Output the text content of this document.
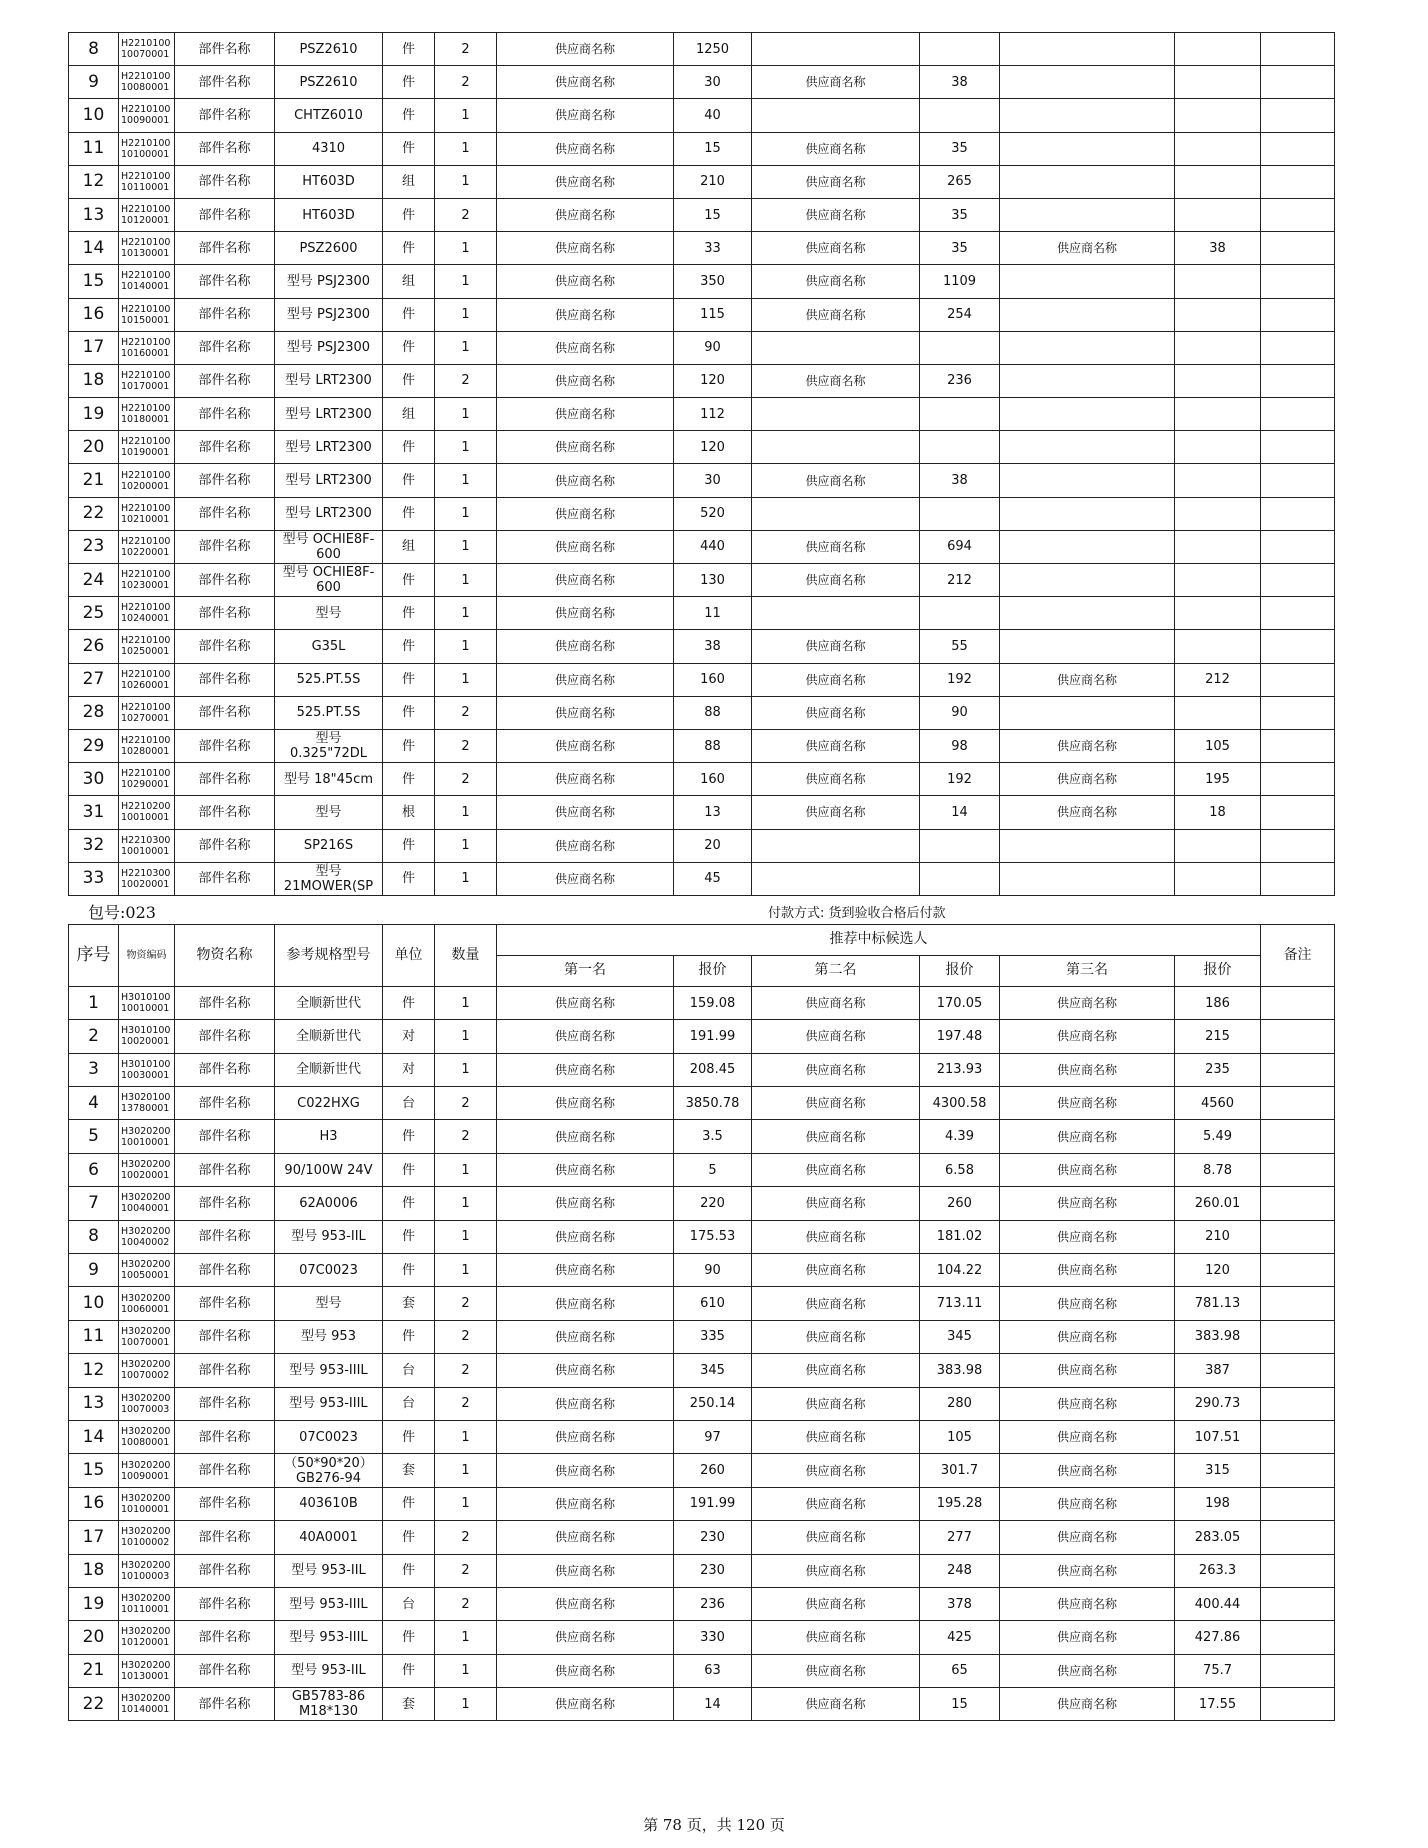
8	H2210100 10070001	部件名称	PSZ2610	件	2	供应商名称	1250					
9	H2210100 10080001	部件名称	PSZ2610	件	2	供应商名称	30	供应商名称	38			
10	H2210100 10090001	部件名称	CHTZ6010	件	1	供应商名称	40					
11	H2210100 10100001	部件名称	4310	件	1	供应商名称	15	供应商名称	35			
12	H2210100 10110001	部件名称	HT603D	组	1	供应商名称	210	供应商名称	265			
13	H2210100 10120001	部件名称	HT603D	件	2	供应商名称	15	供应商名称	35			
14	H2210100 10130001	部件名称	PSZ2600	件	1	供应商名称	33	供应商名称	35	供应商名称	38	
15	H2210100 10140001	部件名称	型号 PSJ2300	组	1	供应商名称	350	供应商名称	1109			
16	H2210100 10150001	部件名称	型号 PSJ2300	件	1	供应商名称	115	供应商名称	254			
17	H2210100 10160001	部件名称	型号 PSJ2300	件	1	供应商名称	90					
18	H2210100 10170001	部件名称	型号 LRT2300	件	2	供应商名称	120	供应商名称	236			
19	H2210100 10180001	部件名称	型号 LRT2300	组	1	供应商名称	112					
20	H2210100 10190001	部件名称	型号 LRT2300	件	1	供应商名称	120					
21	H2210100 10200001	部件名称	型号 LRT2300	件	1	供应商名称	30	供应商名称	38			
22	H2210100 10210001	部件名称	型号 LRT2300	件	1	供应商名称	520					
23	H2210100 10220001	部件名称	型号 OCHIE8F-600	组	1	供应商名称	440	供应商名称	694			
24	H2210100 10230001	部件名称	型号 OCHIE8F-600	件	1	供应商名称	130	供应商名称	212			
25	H2210100 10240001	部件名称	型号	件	1	供应商名称	11					
26	H2210100 10250001	部件名称	G35L	件	1	供应商名称	38	供应商名称	55			
27	H2210100 10260001	部件名称	525.PT.5S	件	1	供应商名称	160	供应商名称	192	供应商名称	212	
28	H2210100 10270001	部件名称	525.PT.5S	件	2	供应商名称	88	供应商名称	90			
29	H2210100 10280001	部件名称	型号 0.325"72DL	件	2	供应商名称	88	供应商名称	98	供应商名称	105	
30	H2210100 10290001	部件名称	型号 18"45cm	件	2	供应商名称	160	供应商名称	192	供应商名称	195	
31	H2210200 10010001	部件名称	型号	根	1	供应商名称	13	供应商名称	14	供应商名称	18	
32	H2210300 10010001	部件名称	SP216S	件	1	供应商名称	20					
33	H2210300 10020001	部件名称	型号 21MOWER(SP	件	1	供应商名称	45					
包号:023	付款方式: 货到验收合格后付款
序号	物资编码	物资名称	参考规格型号	单位	数量	推荐中标候选人						备注
						第一名	报价	第二名	报价	第三名	报价	
1	H3010100 10010001	部件名称	全顺新世代	件	1	供应商名称	159.08	供应商名称	170.05	供应商名称	186	
2	H3010100 10020001	部件名称	全顺新世代	对	1	供应商名称	191.99	供应商名称	197.48	供应商名称	215	
3	H3010100 10030001	部件名称	全顺新世代	对	1	供应商名称	208.45	供应商名称	213.93	供应商名称	235	
4	H3020100 13780001	部件名称	C022HXG	台	2	供应商名称	3850.78	供应商名称	4300.58	供应商名称	4560	
5	H3020200 10010001	部件名称	H3	件	2	供应商名称	3.5	供应商名称	4.39	供应商名称	5.49	
6	H3020200 10020001	部件名称	90/100W 24V	件	1	供应商名称	5	供应商名称	6.58	供应商名称	8.78	
7	H3020200 10040001	部件名称	62A0006	件	1	供应商名称	220	供应商名称	260	供应商名称	260.01	
8	H3020200 10040002	部件名称	型号 953-IIL	件	1	供应商名称	175.53	供应商名称	181.02	供应商名称	210	
9	H3020200 10050001	部件名称	07C0023	件	1	供应商名称	90	供应商名称	104.22	供应商名称	120	
10	H3020200 10060001	部件名称	型号	套	2	供应商名称	610	供应商名称	713.11	供应商名称	781.13	
11	H3020200 10070001	部件名称	型号 953	件	2	供应商名称	335	供应商名称	345	供应商名称	383.98	
12	H3020200 10070002	部件名称	型号 953-IIIL	台	2	供应商名称	345	供应商名称	383.98	供应商名称	387	
13	H3020200 10070003	部件名称	型号 953-IIIL	台	2	供应商名称	250.14	供应商名称	280	供应商名称	290.73	
14	H3020200 10080001	部件名称	07C0023	件	1	供应商名称	97	供应商名称	105	供应商名称	107.51	
15	H3020200 10090001	部件名称	（50*90*20） GB276-94	套	1	供应商名称	260	供应商名称	301.7	供应商名称	315	
16	H3020200 10100001	部件名称	403610B	件	1	供应商名称	191.99	供应商名称	195.28	供应商名称	198	
17	H3020200 10100002	部件名称	40A0001	件	2	供应商名称	230	供应商名称	277	供应商名称	283.05	
18	H3020200 10100003	部件名称	型号 953-IIL	件	2	供应商名称	230	供应商名称	248	供应商名称	263.3	
19	H3020200 10110001	部件名称	型号 953-IIIL	台	2	供应商名称	236	供应商名称	378	供应商名称	400.44	
20	H3020200 10120001	部件名称	型号 953-IIIL	件	1	供应商名称	330	供应商名称	425	供应商名称	427.86	
21	H3020200 10130001	部件名称	型号 953-IIL	件	1	供应商名称	63	供应商名称	65	供应商名称	75.7	
22	H3020200 10140001	部件名称	GB5783-86 M18*130	套	1	供应商名称	14	供应商名称	15	供应商名称	17.55	
第 78 页，共 120 页
